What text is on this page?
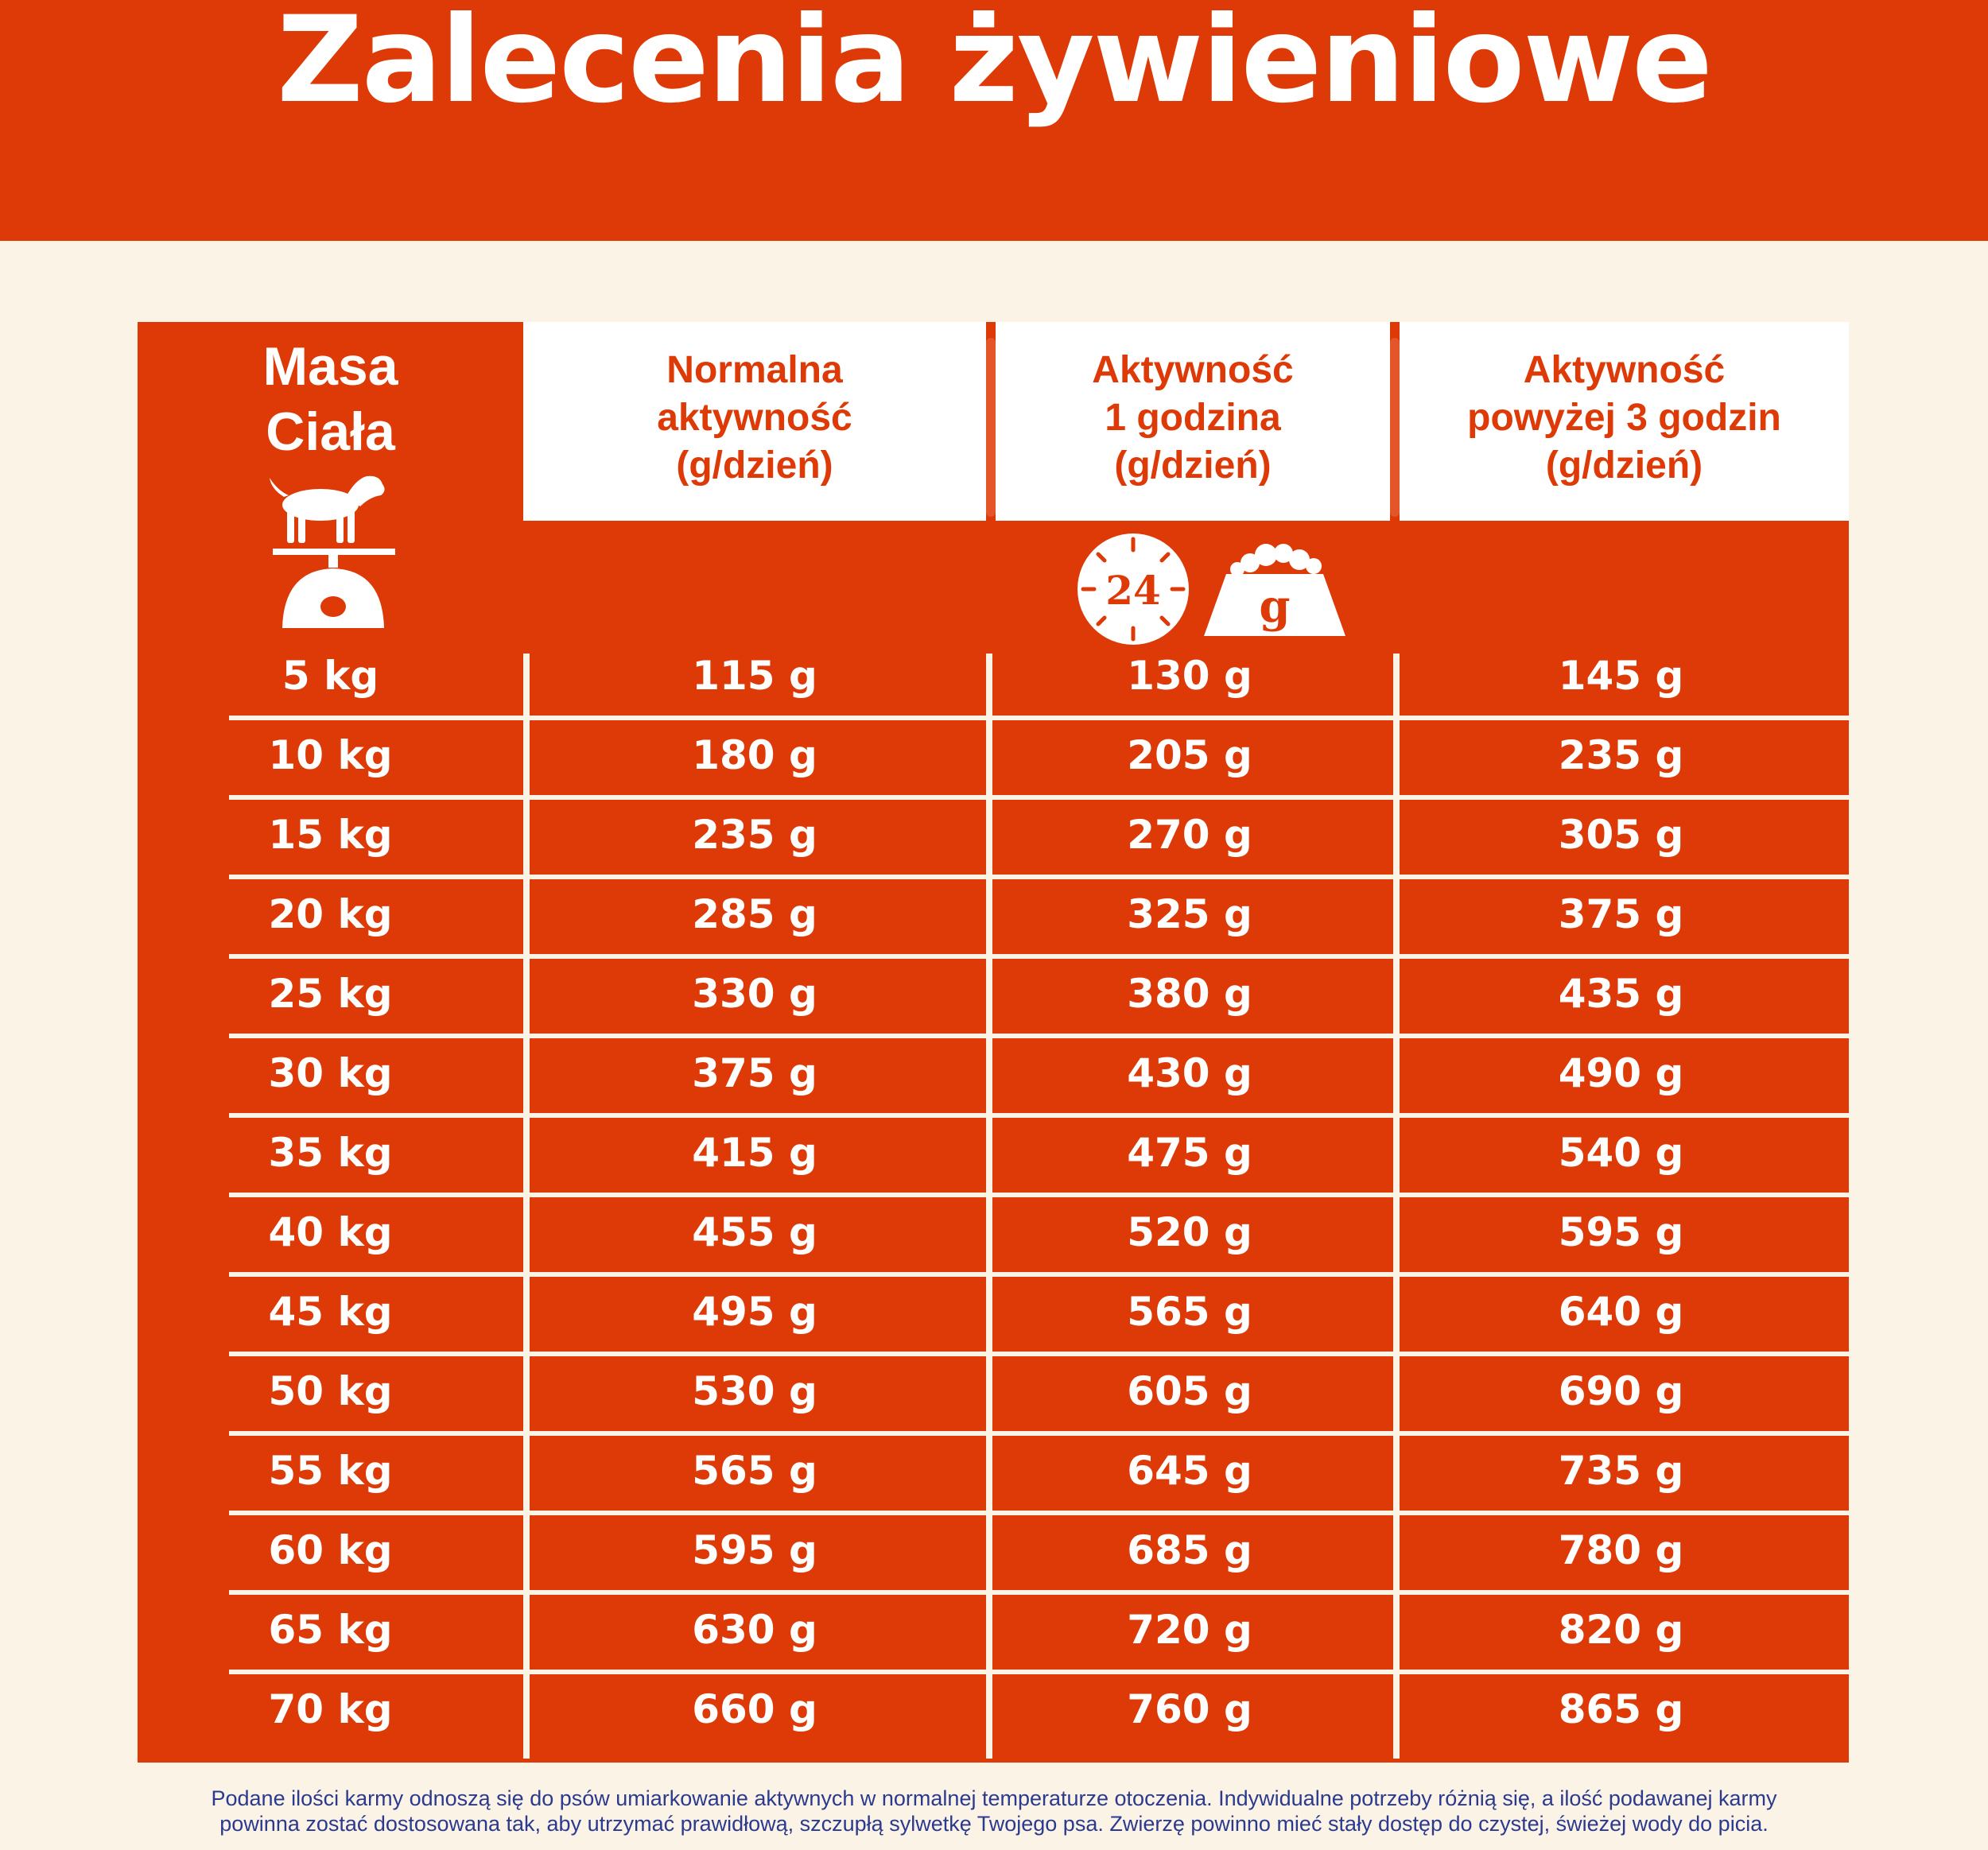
Zalecenia żywieniowe
Masa
Ciała
Normalna
aktywność
(g/dzień)
Aktywność
1 godzina
(g/dzień)
Aktywność
powyżej 3 godzin
(g/dzień)
24 g
5 kg	115 g	130 g	145 g
10 kg	180 g	205 g	235 g
15 kg	235 g	270 g	305 g
20 kg	285 g	325 g	375 g
25 kg	330 g	380 g	435 g
30 kg	375 g	430 g	490 g
35 kg	415 g	475 g	540 g
40 kg	455 g	520 g	595 g
45 kg	495 g	565 g	640 g
50 kg	530 g	605 g	690 g
55 kg	565 g	645 g	735 g
60 kg	595 g	685 g	780 g
65 kg	630 g	720 g	820 g
70 kg	660 g	760 g	865 g
Podane ilości karmy odnoszą się do psów umiarkowanie aktywnych w normalnej temperaturze otoczenia. Indywidualne potrzeby różnią się, a ilość podawanej karmy
powinna zostać dostosowana tak, aby utrzymać prawidłową, szczupłą sylwetkę Twojego psa. Zwierzę powinno mieć stały dostęp do czystej, świeżej wody do picia.
